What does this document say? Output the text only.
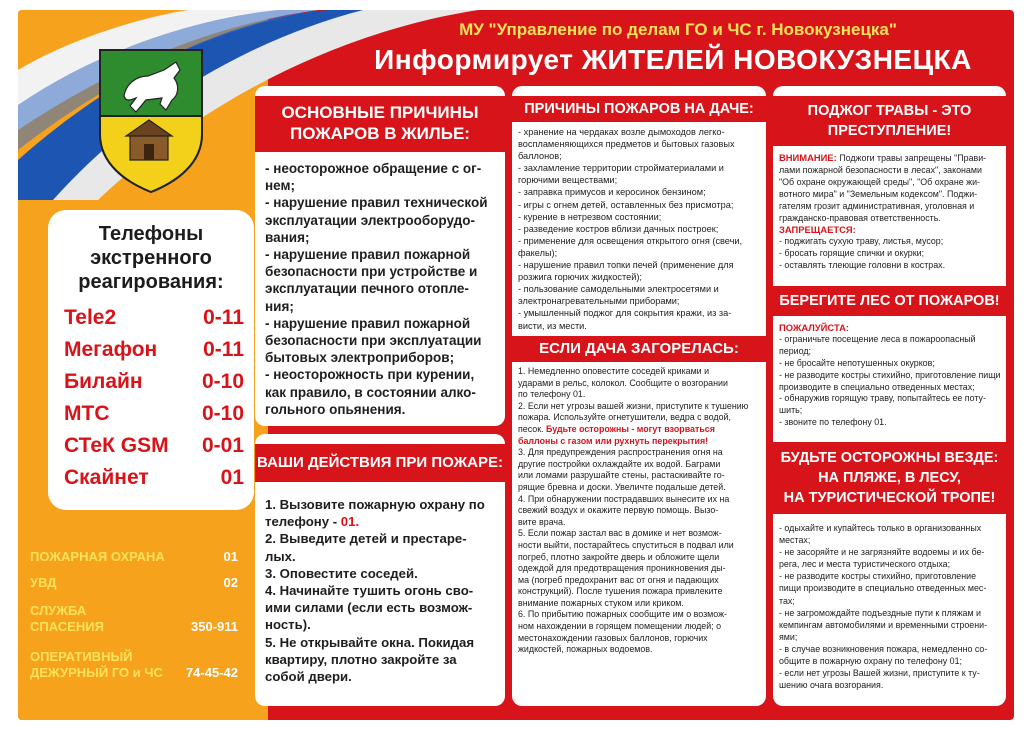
МУ "Управление по делам ГО и ЧС г. Новокузнецка"
Информирует ЖИТЕЛЕЙ НОВОКУЗНЕЦКА
Телефоны
экстренного
реагирования:
Tele2	0-11
Мегафон 0-11
Билайн	0-10
МТС	0-10
СТеК GSM 0-01
Скайнет	01
ПОЖАРНАЯ ОХРАНА	01
УВД	02
СЛУЖБА
СПАСЕНИЯ	350-911
ОПЕРАТИВНЫЙ
ДЕЖУРНЫЙ ГО и ЧС 74-45-42
ОСНОВНЫЕ ПРИЧИНЫ
ПОЖАРОВ В ЖИЛЬЕ:
- неосторожное обращение с ог-
нем;
- нарушение правил технической
эксплуатации электрооборудо-
вания;
- нарушение правил пожарной
безопасности при устройстве и
эксплуатации печного отопле-
ния;
- нарушение правил пожарной
безопасности при эксплуатации
бытовых электроприборов;
- неосторожность при курении,
как правило, в состоянии алко-
гольного опьянения.
ВАШИ ДЕЙСТВИЯ ПРИ ПОЖАРЕ:
1. Вызовите пожарную охрану по
телефону - 01.
2. Выведите детей и престаре-
лых.
3. Оповестите соседей.
4. Начинайте тушить огонь сво-
ими силами (если есть возмож-
ность).
5. Не открывайте окна. Покидая
квартиру, плотно закройте за
собой двери.
ПРИЧИНЫ ПОЖАРОВ НА ДАЧЕ:
- хранение на чердаках возле дымоходов легко-
воспламеняющихся предметов и бытовых газовых
баллонов;
- захламление территории стройматериалами и
горючими веществами;
- заправка примусов и керосинок бензином;
- игры с огнем детей, оставленных без присмотра;
- курение в нетрезвом состоянии;
- разведение костров вблизи дачных построек;
- применение для освещения открытого огня (свечи,
факелы);
- нарушение правил топки печей (применение для
розжига горючих жидкостей);
- пользование самодельными электросетями и
электронагревательными приборами;
- умышленный поджог для сокрытия кражи, из за-
висти, из мести.
ЕСЛИ ДАЧА ЗАГОРЕЛАСЬ:
1. Немедленно оповестите соседей криками и
ударами в рельс, колокол. Сообщите о возгорании
по телефону 01.
2. Если нет угрозы вашей жизни, приступите к тушению
пожара. Используйте огнетушители, ведра с водой,
песок. Будьте осторожны - могут взорваться
баллоны с газом или рухнуть перекрытия!
3. Для предупреждения распространения огня на
другие постройки охлаждайте их водой. Баграми
или ломами разрушайте стены, растаскивайте го-
рящие бревна и доски. Увеличте подальше детей.
4. При обнаружении пострадавших вынесите их на
свежий воздух и окажите первую помощь. Вызо-
вите врача.
5. Если пожар застал вас в домике и нет возмож-
ности выйти, постарайтесь спуститься в подвал или
погреб, плотно закройте дверь и обложите щели
одеждой для предотвращения проникновения ды-
ма (погреб предохранит вас от огня и падающих
конструкций). После тушения пожара привлеките
внимание пожарных стуком или криком.
6. По прибытию пожарных сообщите им о возмож-
ном нахождении в горящем помещении людей; о
местонахождении газовых баллонов, горючих
жидкостей, пожарных водоемов.
ПОДЖОГ ТРАВЫ - ЭТО
ПРЕСТУПЛЕНИЕ!
ВНИМАНИЕ: Поджоги травы запрещены "Прави-
лами пожарной безопасности в лесах", законами
"Об охране окружающей среды", "Об охране жи-
вотного мира" и "Земельным кодексом". Поджи-
гателям грозит административная, уголовная и
гражданско-правовая ответственность.
ЗАПРЕЩАЕТСЯ:
- поджигать сухую траву, листья, мусор;
- бросать горящие спички и окурки;
- оставлять тлеющие головни в кострах.
БЕРЕГИТЕ ЛЕС ОТ ПОЖАРОВ!
ПОЖАЛУЙСТА:
- ограничьте посещение леса в пожароопасный
период;
- не бросайте непотушенных окурков;
- не разводите костры стихийно, приготовление пищи
производите в специально отведенных местах;
- обнаружив горящую траву, попытайтесь ее поту-
шить;
- звоните по телефону 01.
БУДЬТЕ ОСТОРОЖНЫ ВЕЗДЕ:
НА ПЛЯЖЕ, В ЛЕСУ,
НА ТУРИСТИЧЕСКОЙ ТРОПЕ!
- одыхайте и купайтесь только в организованных
местах;
- не засоряйте и не загрязняйте водоемы и их бе-
рега, лес и места туристического отдыха;
- не разводите костры стихийно, приготовление
пищи производите в специально отведенных мес-
тах;
- не загромождайте подъездные пути к пляжам и
кемпингам автомобилями и временными строени-
ями;
- в случае возникновения пожара, немедленно со-
общите в пожарную охрану по телефону 01;
- если нет угрозы Вашей жизни, приступите к ту-
шению очага возгорания.
